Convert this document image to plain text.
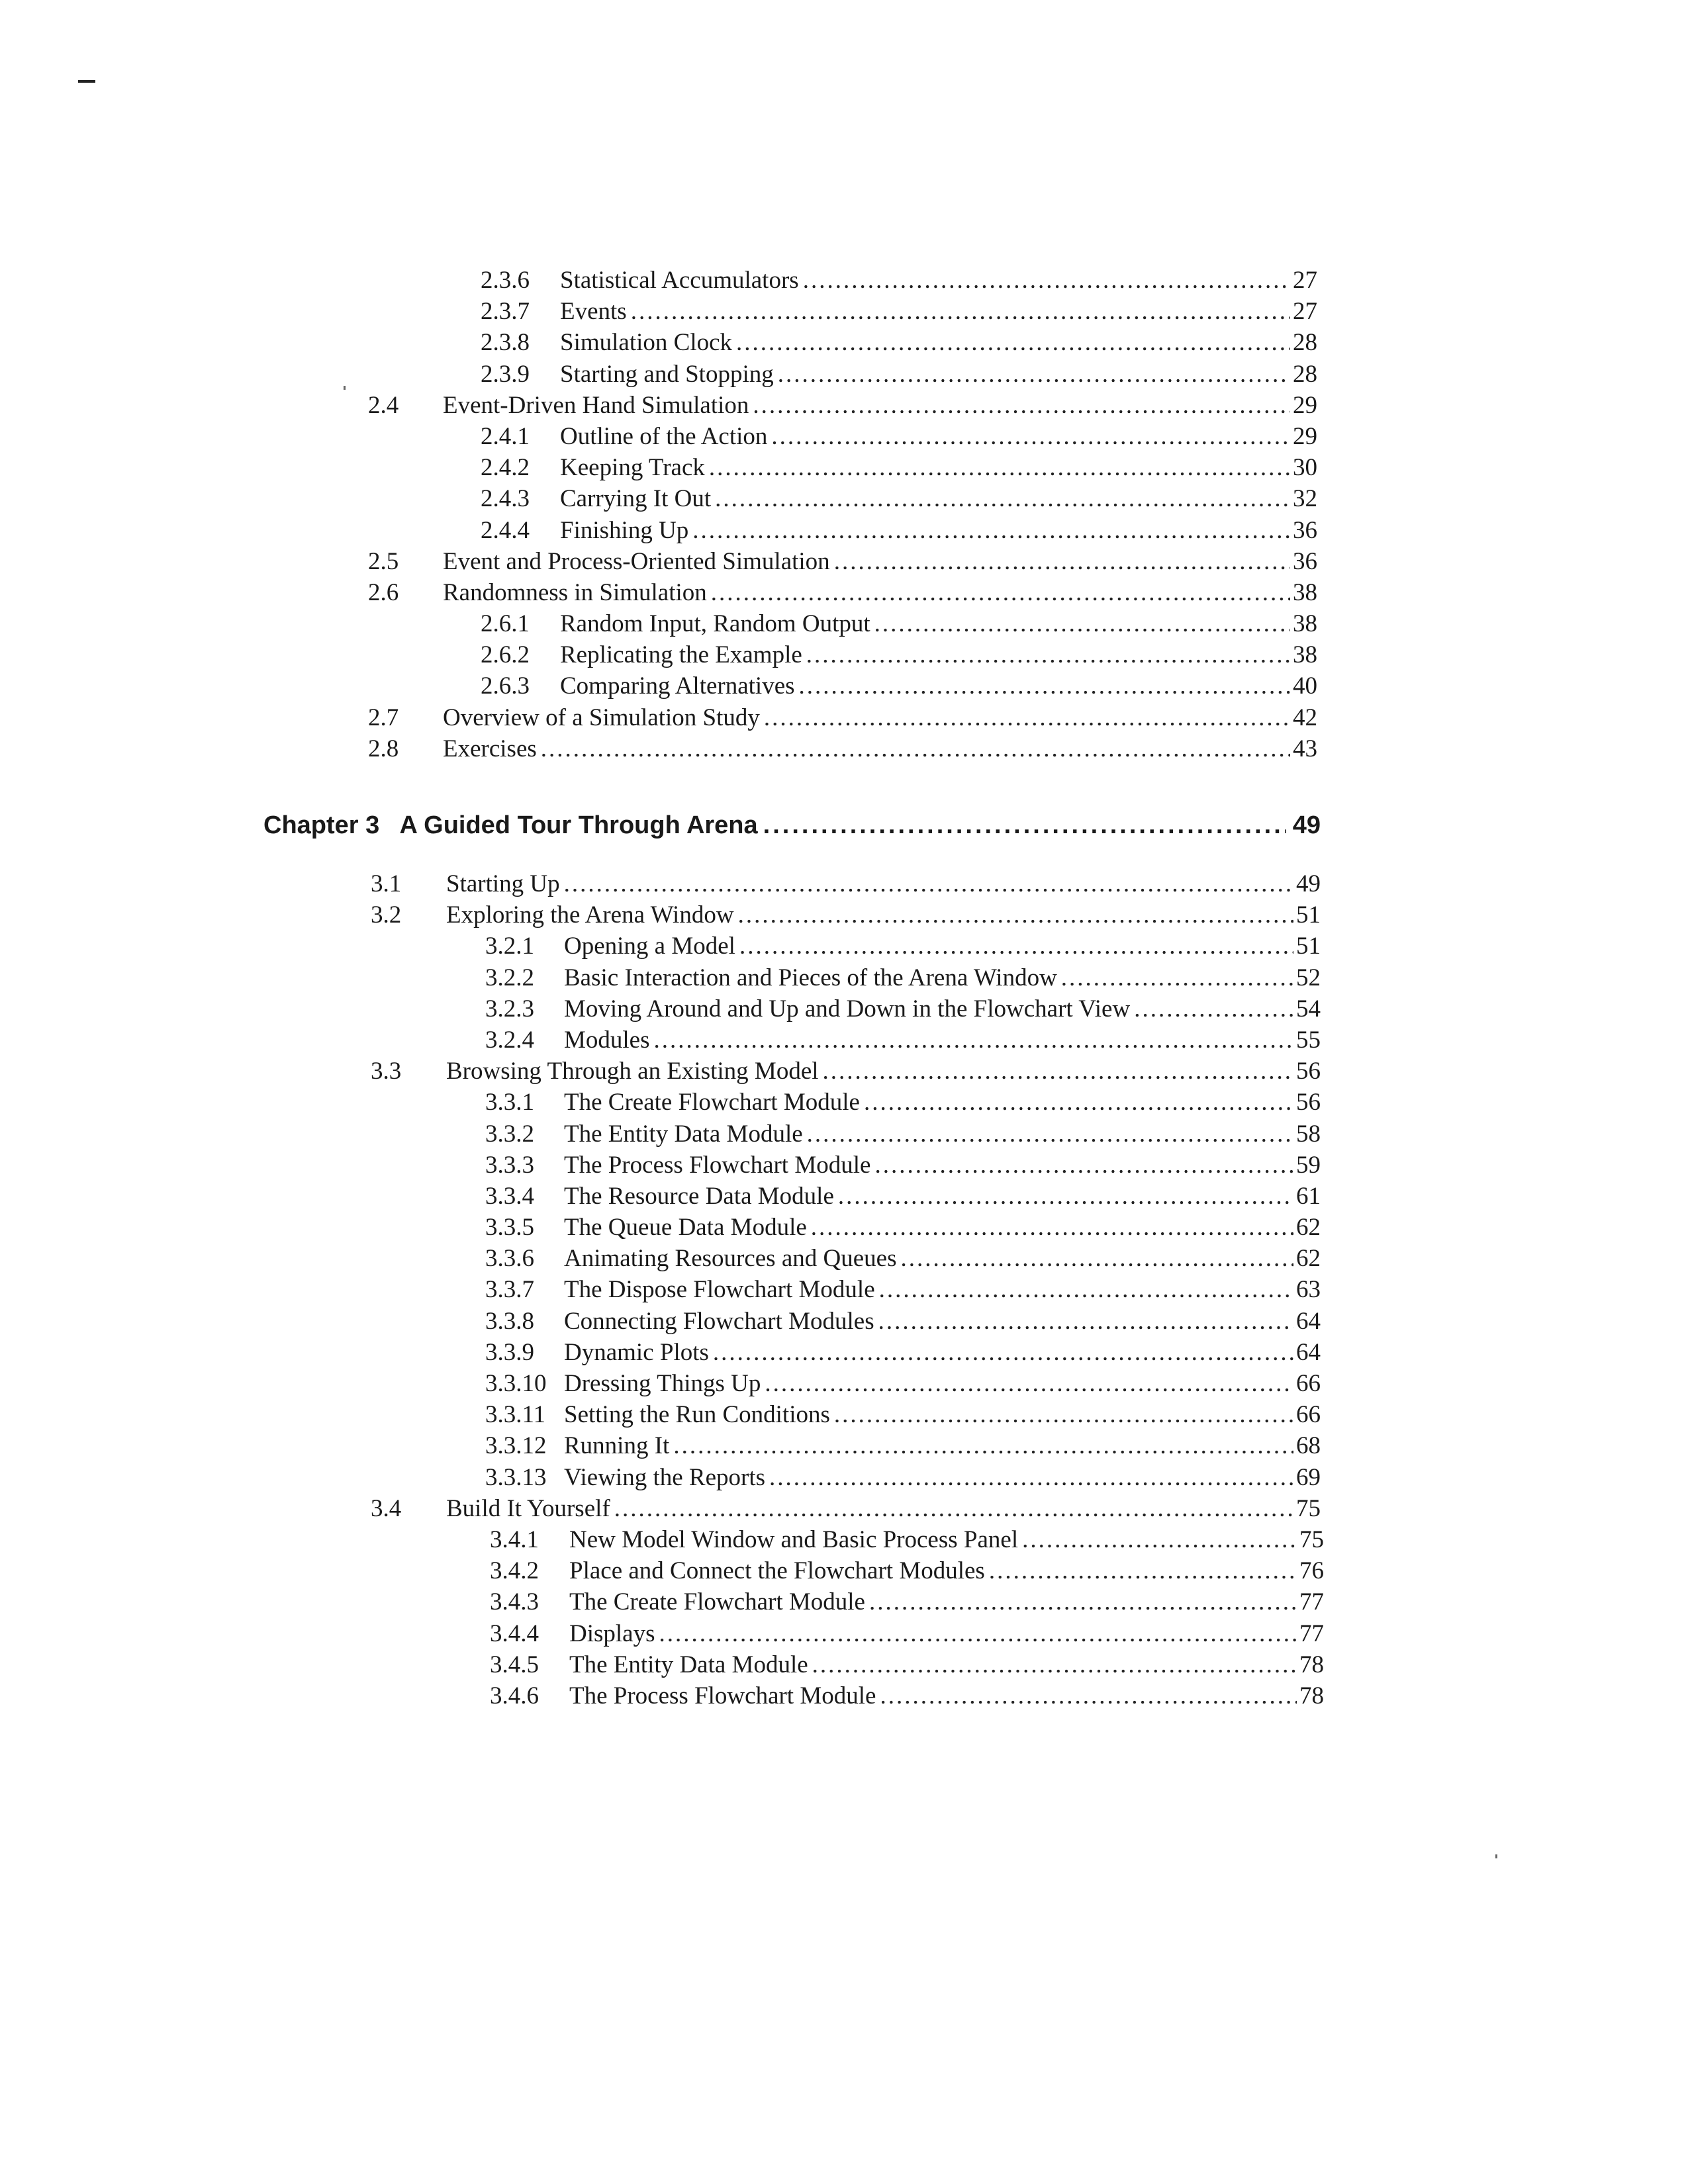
2.3.6 Statistical Accumulators .....	27
2.3.7 Events .....	27
2.3.8 Simulation Clock .....	28
2.3.9 Starting and Stopping .....	28
2.4 Event-Driven Hand Simulation .....	29
2.4.1 Outline of the Action .....	29
2.4.2 Keeping Track .....	30
2.4.3 Carrying It Out .....	32
2.4.4 Finishing Up .....	36
2.5 Event and Process-Oriented Simulation .....	36
2.6 Randomness in Simulation .....	38
2.6.1 Random Input, Random Output .....	38
2.6.2 Replicating the Example .....	38
2.6.3 Comparing Alternatives .....	40
2.7 Overview of a Simulation Study .....	42
2.8 Exercises .....	43
Chapter 3 A Guided Tour Through Arena .....	49
3.1 Starting Up .....	49
3.2 Exploring the Arena Window .....	51
3.2.1 Opening a Model .....	51
3.2.2 Basic Interaction and Pieces of the Arena Window .....	52
3.2.3 Moving Around and Up and Down in the Flowchart View .....	54
3.2.4 Modules .....	55
3.3 Browsing Through an Existing Model .....	56
3.3.1 The Create Flowchart Module .....	56
3.3.2 The Entity Data Module .....	58
3.3.3 The Process Flowchart Module .....	59
3.3.4 The Resource Data Module .....	61
3.3.5 The Queue Data Module .....	62
3.3.6 Animating Resources and Queues .....	62
3.3.7 The Dispose Flowchart Module .....	63
3.3.8 Connecting Flowchart Modules .....	64
3.3.9 Dynamic Plots .....	64
3.3.10 Dressing Things Up .....	66
3.3.11 Setting the Run Conditions .....	66
3.3.12 Running It .....	68
3.3.13 Viewing the Reports .....	69
3.4 Build It Yourself .....	75
3.4.1 New Model Window and Basic Process Panel .....	75
3.4.2 Place and Connect the Flowchart Modules .....	76
3.4.3 The Create Flowchart Module .....	77
3.4.4 Displays .....	77
3.4.5 The Entity Data Module .....	78
3.4.6 The Process Flowchart Module .....	78
